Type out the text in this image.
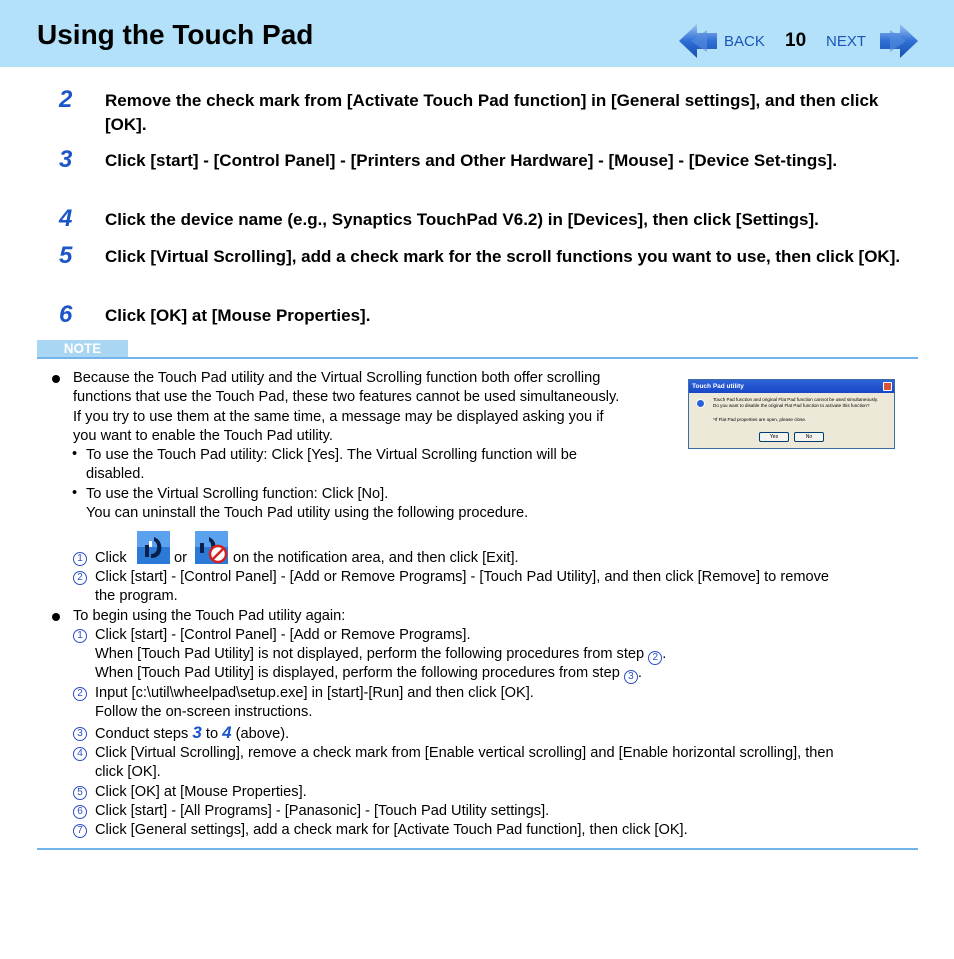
Using the Touch Pad	BACK 10 NEXT
2 Remove the check mark from [Activate Touch Pad function] in [General settings], and then click [OK].
3 Click [start] - [Control Panel] - [Printers and Other Hardware] - [Mouse] - [Device Set-tings].
4 Click the device name (e.g., Synaptics TouchPad V6.2) in [Devices], then click [Settings].
5 Click [Virtual Scrolling], add a check mark for the scroll functions you want to use, then click [OK].
6 Click [OK] at [Mouse Properties].
NOTE
Because the Touch Pad utility and the Virtual Scrolling function both offer scrolling
functions that use the Touch Pad, these two features cannot be used simultaneously.
If you try to use them at the same time, a message may be displayed asking you if
you want to enable the Touch Pad utility.
• To use the Touch Pad utility: Click [Yes]. The Virtual Scrolling function will be
disabled.
• To use the Virtual Scrolling function: Click [No].
You can uninstall the Touch Pad utility using the following procedure.
Touch Pad utility
Touch Pad function and original Flat Pad function cannot be used simultaneously.
Do you want to disable the original Flat Pad function to activate this function?
*If Flat Pad properties are open, please close.
Yes	No
1 Click	or	on the notification area, and then click [Exit].
2 Click [start] - [Control Panel] - [Add or Remove Programs] - [Touch Pad Utility], and then click [Remove] to remove
the program.
To begin using the Touch Pad utility again:
1 Click [start] - [Control Panel] - [Add or Remove Programs].
When [Touch Pad Utility] is not displayed, perform the following procedures from step 2 .
When [Touch Pad Utility] is displayed, perform the following procedures from step 3 .
2 Input [c:\util\wheelpad\setup.exe] in [start]-[Run] and then click [OK].
Follow the on-screen instructions.
3 Conduct steps 3 to 4 (above).
4 Click [Virtual Scrolling], remove a check mark from [Enable vertical scrolling] and [Enable horizontal scrolling], then
click [OK].
5 Click [OK] at [Mouse Properties].
6 Click [start] - [All Programs] - [Panasonic] - [Touch Pad Utility settings].
7 Click [General settings], add a check mark for [Activate Touch Pad function], then click [OK].
